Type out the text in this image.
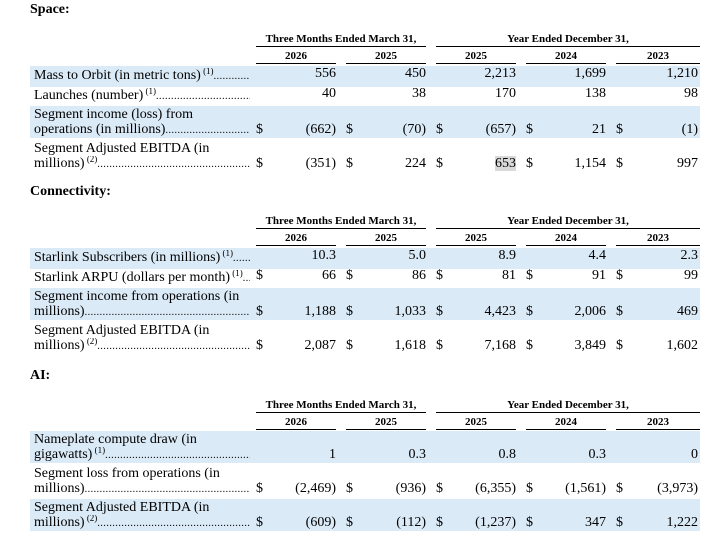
Space:
Three Months Ended March 31,	Year Ended December 31,
2026	2025	2025	2024	2023
Mass to Orbit (in metric tons) $^{(1)}$ .....	556	450	2,213	1,699	1,210
Launches (number) $^{(1)}$ .....	40	38	170	138	98
Segment income (loss) from
operations (in millions) .....	$	(662) $	(70) $	(657) $	21 $	(1)
Segment Adjusted EBITDA (in
millions) $^{(2)}$ .....	$	(351) $	224 $	653 $	1,154 $	997
Connectivity:
Three Months Ended March 31,	Year Ended December 31,
2026	2025	2025	2024	2023
Starlink Subscribers (in millions) $^{(1)}$ .....	10.3	5.0	8.9	4.4	2.3
Starlink ARPU (dollars per month) $^{(1)}$ ..... $	66 $	86 $	81 $	91 $	99
Segment income from operations (in
millions) .....	$	1,188 $	1,033 $	4,423 $	2,006 $	469
Segment Adjusted EBITDA (in
millions) $^{(2)}$ .....	$	2,087 $	1,618 $	7,168 $	3,849 $	1,602
AI:
Three Months Ended March 31,	Year Ended December 31,
2026	2025	2025	2024	2023
Nameplate compute draw (in
gigawatts) $^{(1)}$ .....	1	0.3	0.8	0.3	0
Segment loss from operations (in
millions) .....	$ (2,469) $	(936) $ (6,355) $ (1,561) $ (3,973)
Segment Adjusted EBITDA (in
millions) $^{(2)}$ .....	$	(609) $	(112) $ (1,237) $	347 $	1,222
